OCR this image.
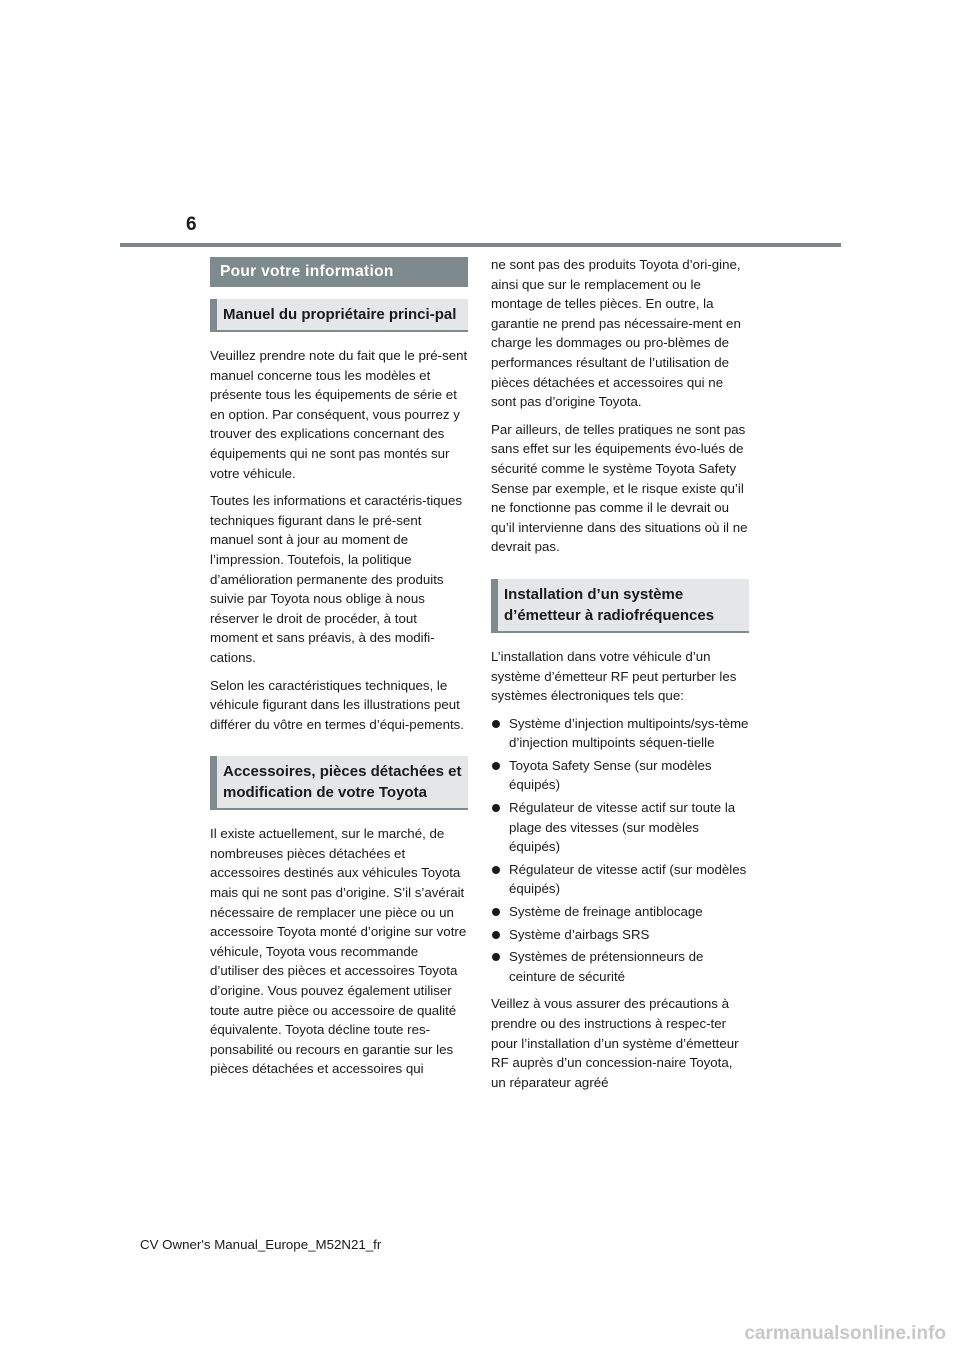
6
Pour votre information
Manuel du propriétaire princi-pal

Veuillez prendre note du fait que le pré-sent manuel concerne tous les modèles et présente tous les équipements de série et en option. Par conséquent, vous pourrez y trouver des explications concernant des équipements qui ne sont pas montés sur votre véhicule.

Toutes les informations et caractéris-tiques techniques figurant dans le pré-sent manuel sont à jour au moment de l’impression. Toutefois, la politique d’amélioration permanente des produits suivie par Toyota nous oblige à nous réserver le droit de procéder, à tout moment et sans préavis, à des modifi-cations.

Selon les caractéristiques techniques, le véhicule figurant dans les illustrations peut différer du vôtre en termes d’équi-pements.

Accessoires, pièces détachées et modification de votre Toyota

Il existe actuellement, sur le marché, de nombreuses pièces détachées et accessoires destinés aux véhicules Toyota mais qui ne sont pas d’origine. S’il s’avérait nécessaire de remplacer une pièce ou un accessoire Toyota monté d’origine sur votre véhicule, Toyota vous recommande d’utiliser des pièces et accessoires Toyota d’origine. Vous pouvez également utiliser toute autre pièce ou accessoire de qualité équivalente. Toyota décline toute res-ponsabilité ou recours en garantie sur les pièces détachées et accessoires qui

ne sont pas des produits Toyota d’ori-gine, ainsi que sur le remplacement ou le montage de telles pièces. En outre, la garantie ne prend pas nécessaire-ment en charge les dommages ou pro-blèmes de performances résultant de l’utilisation de pièces détachées et accessoires qui ne sont pas d’origine Toyota.

Par ailleurs, de telles pratiques ne sont pas sans effet sur les équipements évo-lués de sécurité comme le système Toyota Safety Sense par exemple, et le risque existe qu’il ne fonctionne pas comme il le devrait ou qu’il intervienne dans des situations où il ne devrait pas.

Installation d’un système d’émetteur à radiofréquences

L’installation dans votre véhicule d’un système d’émetteur RF peut perturber les systèmes électroniques tels que:

Système d’injection multipoints/sys-tème d’injection multipoints séquen-tielle
Toyota Safety Sense (sur modèles équipés)
Régulateur de vitesse actif sur toute la plage des vitesses (sur modèles équipés)
Régulateur de vitesse actif (sur modèles équipés)
Système de freinage antiblocage
Système d’airbags SRS
Systèmes de prétensionneurs de ceinture de sécurité

Veillez à vous assurer des précautions à prendre ou des instructions à respec-ter pour l’installation d’un système d’émetteur RF auprès d’un concession-naire Toyota, un réparateur agréé

CV Owner's Manual_Europe_M52N21_fr
carmanualsonline.info
